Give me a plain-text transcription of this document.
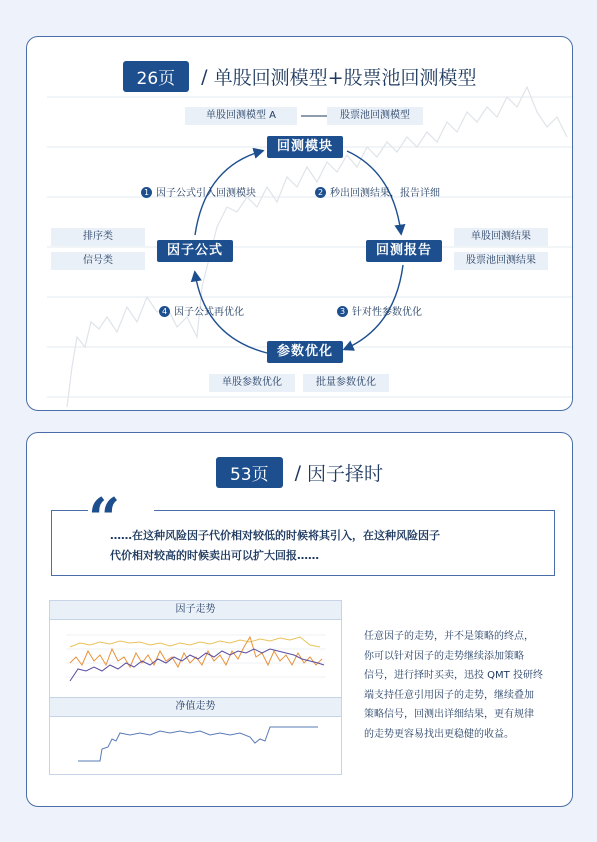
26页	/ 单股回测模型+股票池回测模型
单股回测模型 A	股票池回测模型
回测模块
因子公式	回测报告
参数优化
1 因子公式引入回测模块	2 秒出回测结果，报告详细
3 针对性参数优化
4 因子公式再优化
排序类
信号类
单股回测结果
股票池回测结果
单股参数优化	批量参数优化
53页	/ 因子择时
“
……在这种风险因子代价相对较低的时候将其引入，在这种风险因子
代价相对较高的时候卖出可以扩大回报……
因子走势
净值走势
任意因子的走势，并不是策略的终点，
你可以针对因子的走势继续添加策略
信号，进行择时买卖，迅投 QMT 投研终
端支持任意引用因子的走势，继续叠加
策略信号，回测出详细结果，更有规律
的走势更容易找出更稳健的收益。
